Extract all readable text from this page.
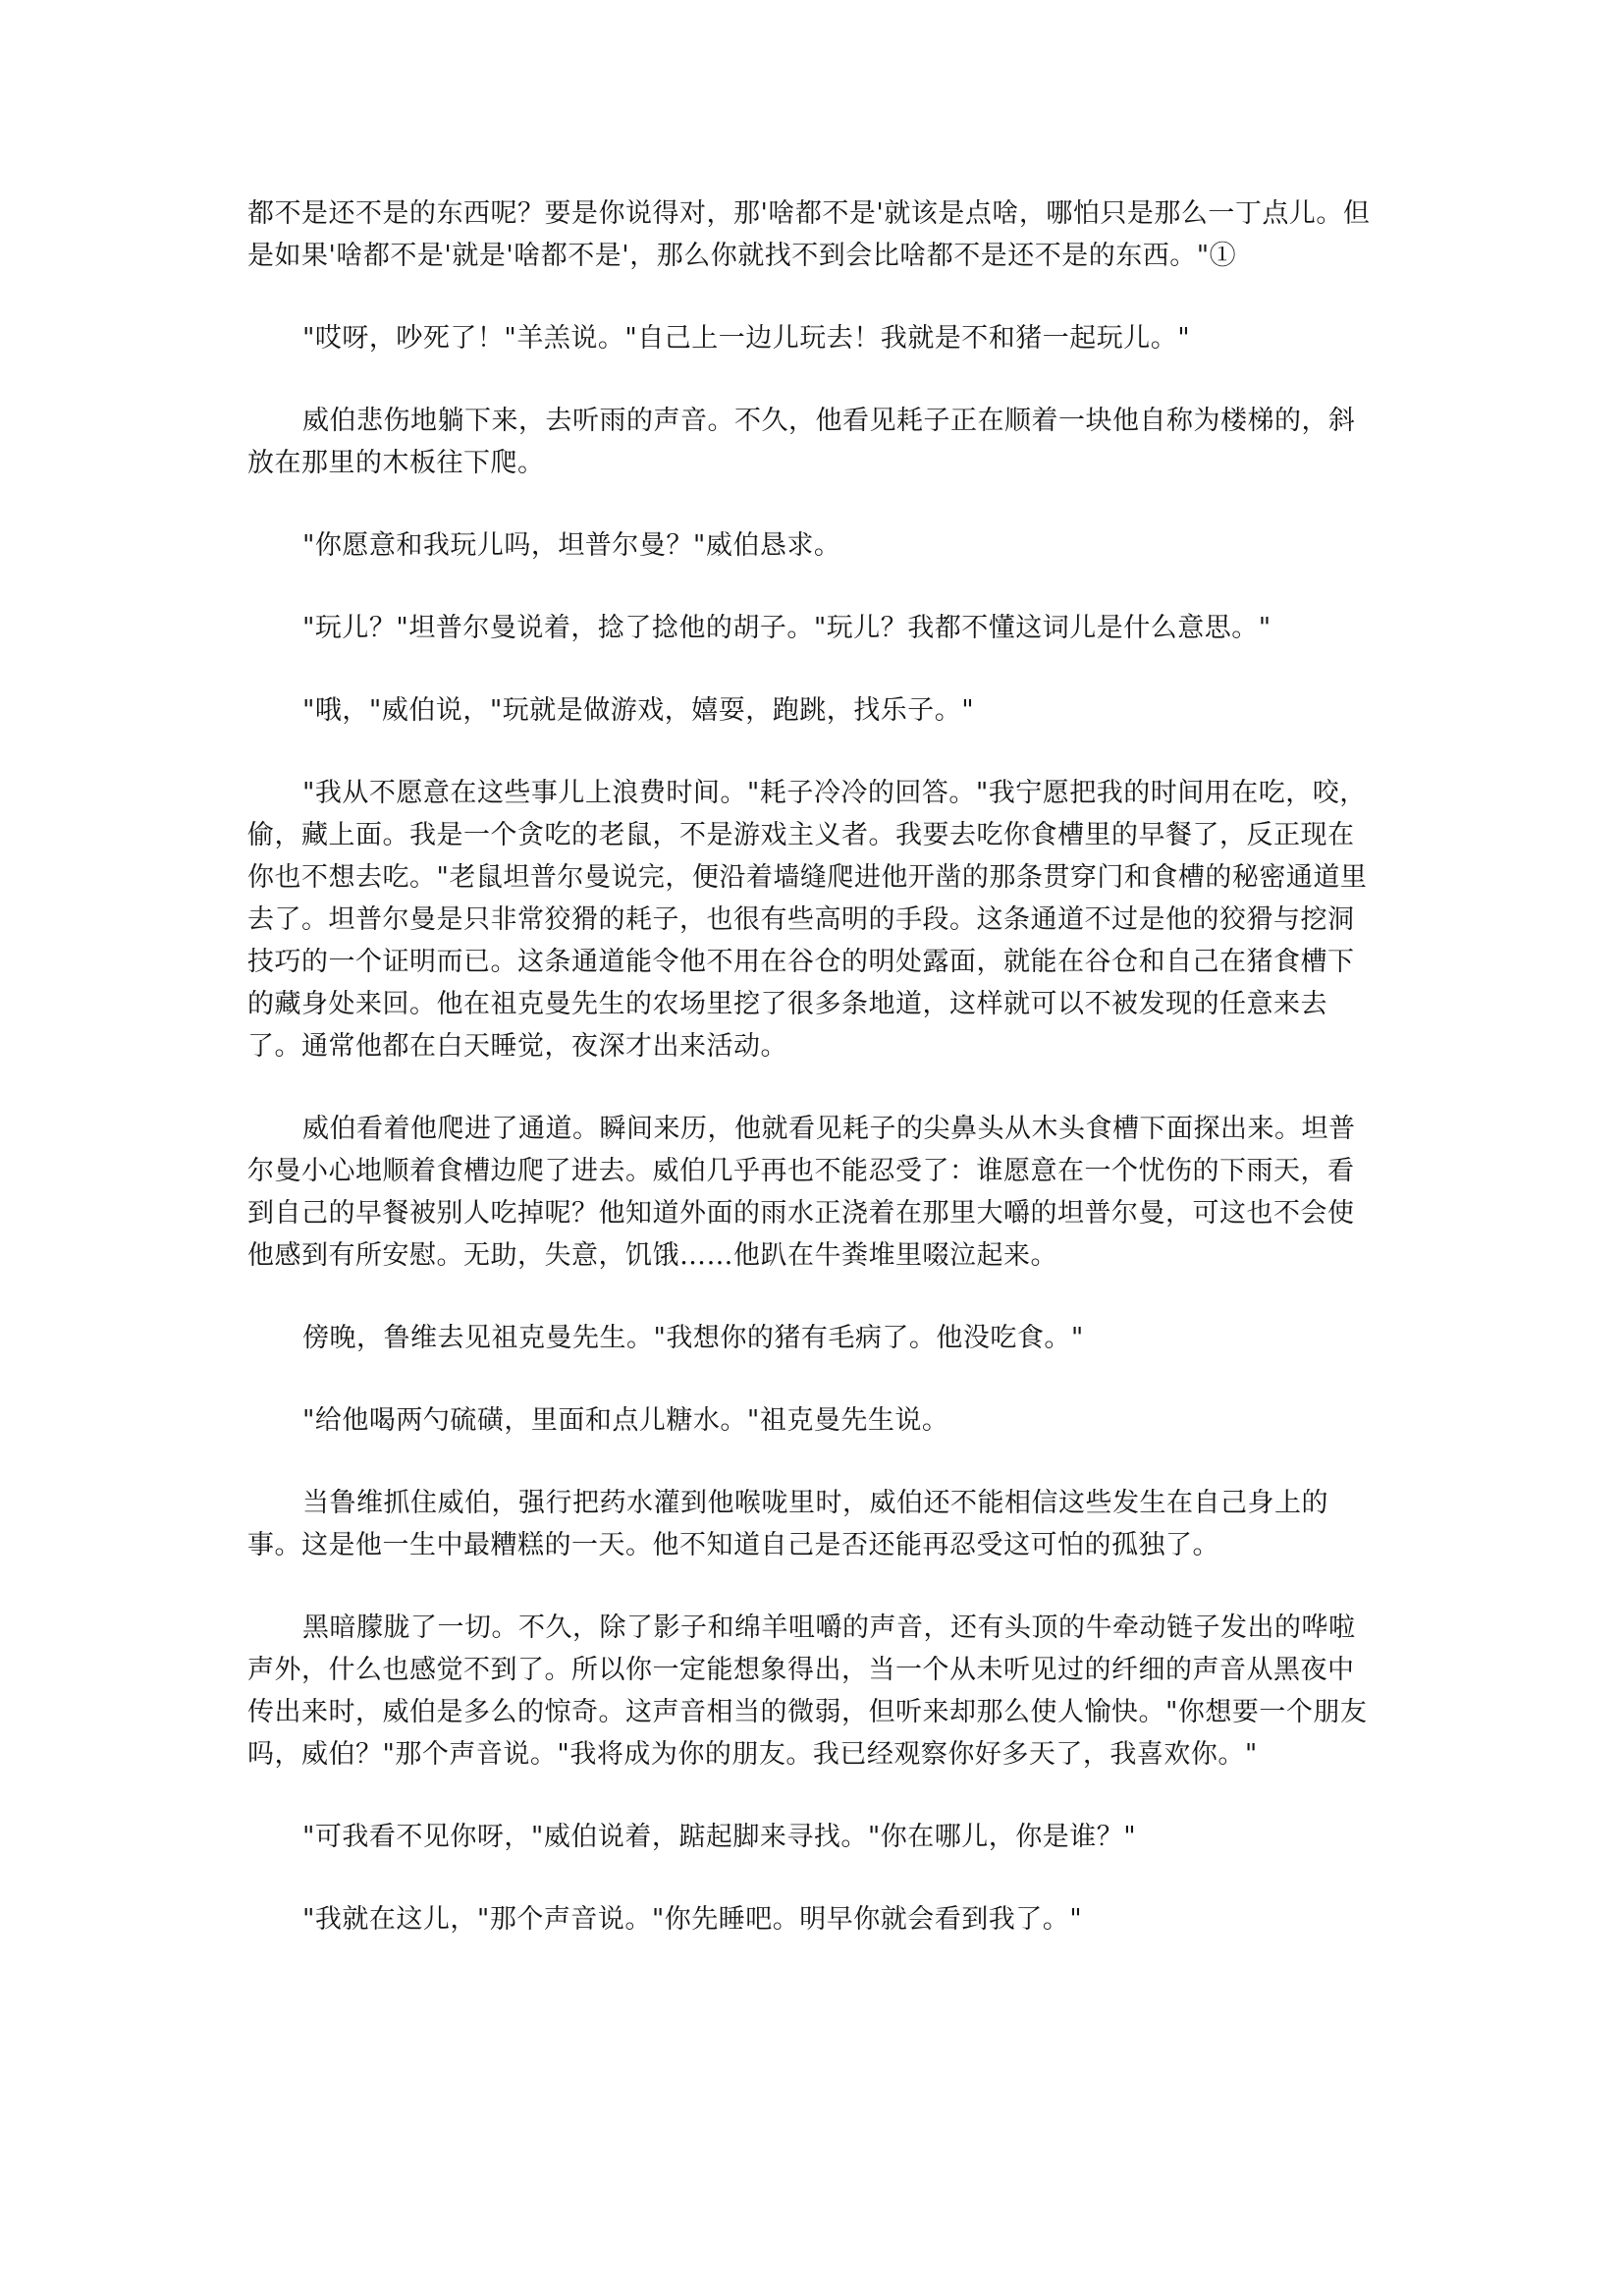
都不是还不是的东西呢？要是你说得对，那'啥都不是'就该是点啥，哪怕只是那么一丁点儿。但是如果'啥都不是'就是'啥都不是'，那么你就找不到会比啥都不是还不是的东西。"①

"哎呀，吵死了！"羊羔说。"自己上一边儿玩去！我就是不和猪一起玩儿。"

威伯悲伤地躺下来，去听雨的声音。不久，他看见耗子正在顺着一块他自称为楼梯的，斜放在那里的木板往下爬。

"你愿意和我玩儿吗，坦普尔曼？"威伯恳求。

"玩儿？"坦普尔曼说着，捻了捻他的胡子。"玩儿？我都不懂这词儿是什么意思。"

"哦，"威伯说，"玩就是做游戏，嬉耍，跑跳，找乐子。"

"我从不愿意在这些事儿上浪费时间。"耗子冷冷的回答。"我宁愿把我的时间用在吃，咬，偷，藏上面。我是一个贪吃的老鼠，不是游戏主义者。我要去吃你食槽里的早餐了，反正现在你也不想去吃。"老鼠坦普尔曼说完，便沿着墙缝爬进他开凿的那条贯穿门和食槽的秘密通道里去了。坦普尔曼是只非常狡猾的耗子，也很有些高明的手段。这条通道不过是他的狡猾与挖洞技巧的一个证明而已。这条通道能令他不用在谷仓的明处露面，就能在谷仓和自己在猪食槽下的藏身处来回。他在祖克曼先生的农场里挖了很多条地道，这样就可以不被发现的任意来去了。通常他都在白天睡觉，夜深才出来活动。

威伯看着他爬进了通道。瞬间来历，他就看见耗子的尖鼻头从木头食槽下面探出来。坦普尔曼小心地顺着食槽边爬了进去。威伯几乎再也不能忍受了：谁愿意在一个忧伤的下雨天，看到自己的早餐被别人吃掉呢？他知道外面的雨水正浇着在那里大嚼的坦普尔曼，可这也不会使他感到有所安慰。无助，失意，饥饿……他趴在牛粪堆里啜泣起来。

傍晚，鲁维去见祖克曼先生。"我想你的猪有毛病了。他没吃食。"

"给他喝两勺硫磺，里面和点儿糖水。"祖克曼先生说。

当鲁维抓住威伯，强行把药水灌到他喉咙里时，威伯还不能相信这些发生在自己身上的事。这是他一生中最糟糕的一天。他不知道自己是否还能再忍受这可怕的孤独了。

黑暗朦胧了一切。不久，除了影子和绵羊咀嚼的声音，还有头顶的牛牵动链子发出的哗啦声外，什么也感觉不到了。所以你一定能想象得出，当一个从未听见过的纤细的声音从黑夜中传出来时，威伯是多么的惊奇。这声音相当的微弱，但听来却那么使人愉快。"你想要一个朋友吗，威伯？"那个声音说。"我将成为你的朋友。我已经观察你好多天了，我喜欢你。"

"可我看不见你呀，"威伯说着，踮起脚来寻找。"你在哪儿，你是谁？"

"我就在这儿，"那个声音说。"你先睡吧。明早你就会看到我了。"
